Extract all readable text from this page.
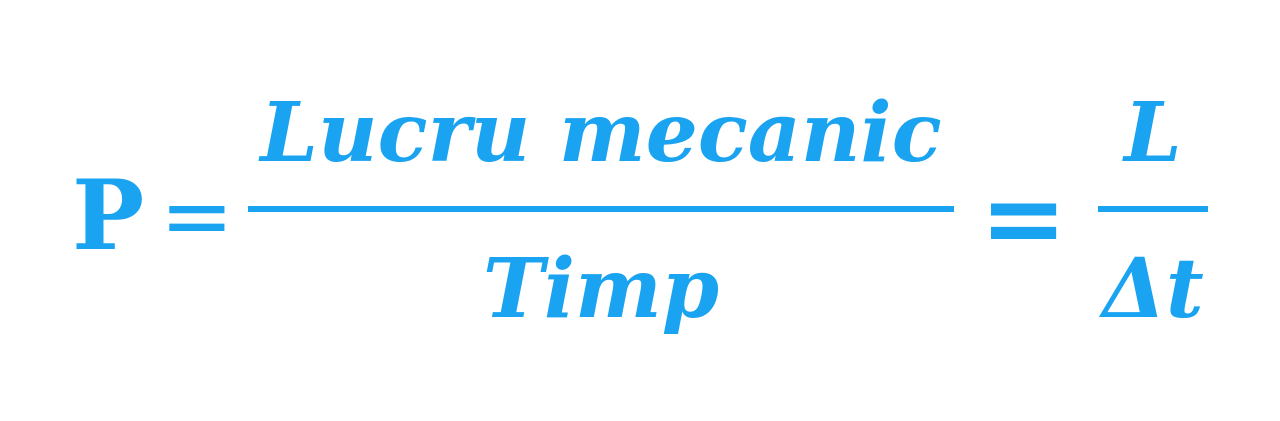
P =
Lucru mecanic
Timp
=
L
Δt
